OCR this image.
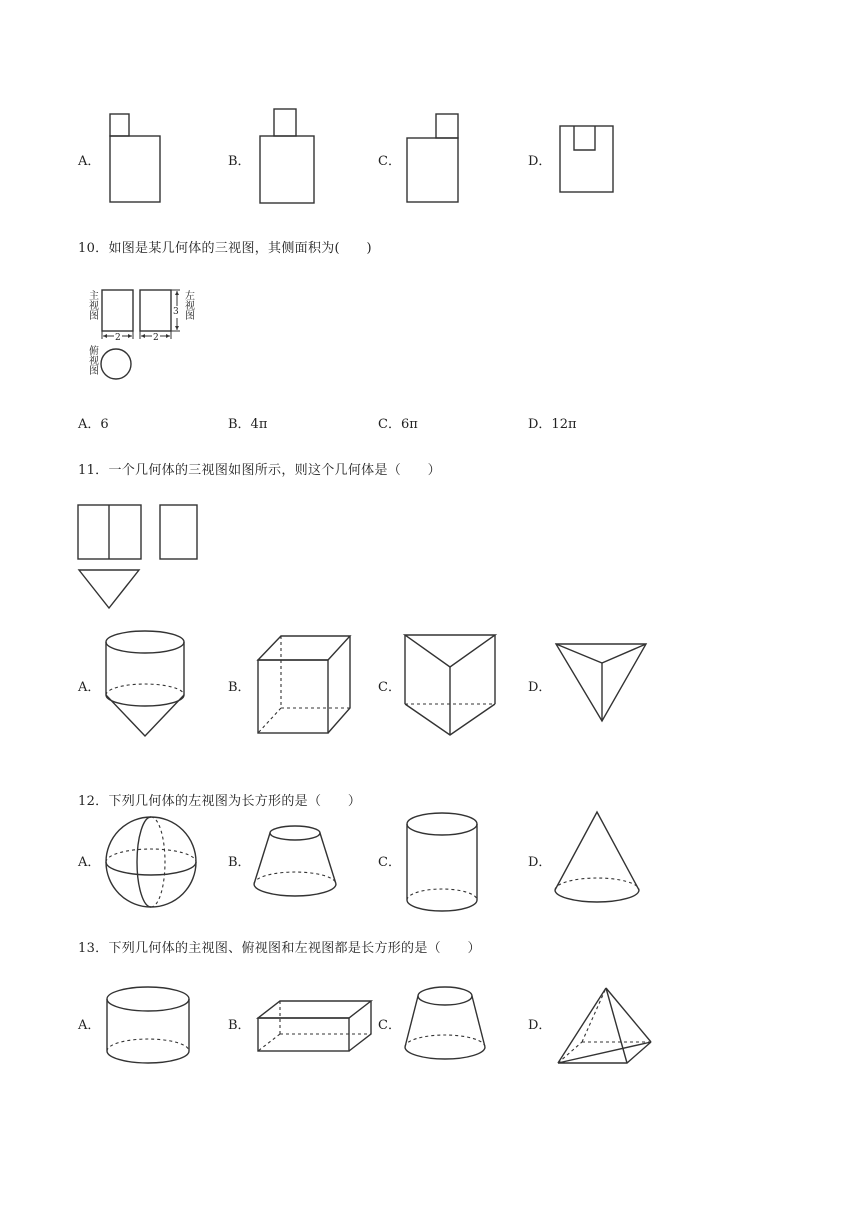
A．	B．	C．	D．
10．如图是某几何体的三视图，其侧面积为(　　)
主视图
左视图
俯视图
2	2
3
A．6	B．4π	C．6π	D．12π
11．一个几何体的三视图如图所示，则这个几何体是（　　）
A．	B．	C．	D．
12．下列几何体的左视图为长方形的是（　　）
A．	B．	C．	D．
13．下列几何体的主视图、俯视图和左视图都是长方形的是（　　）
A．	B．	C．	D．
